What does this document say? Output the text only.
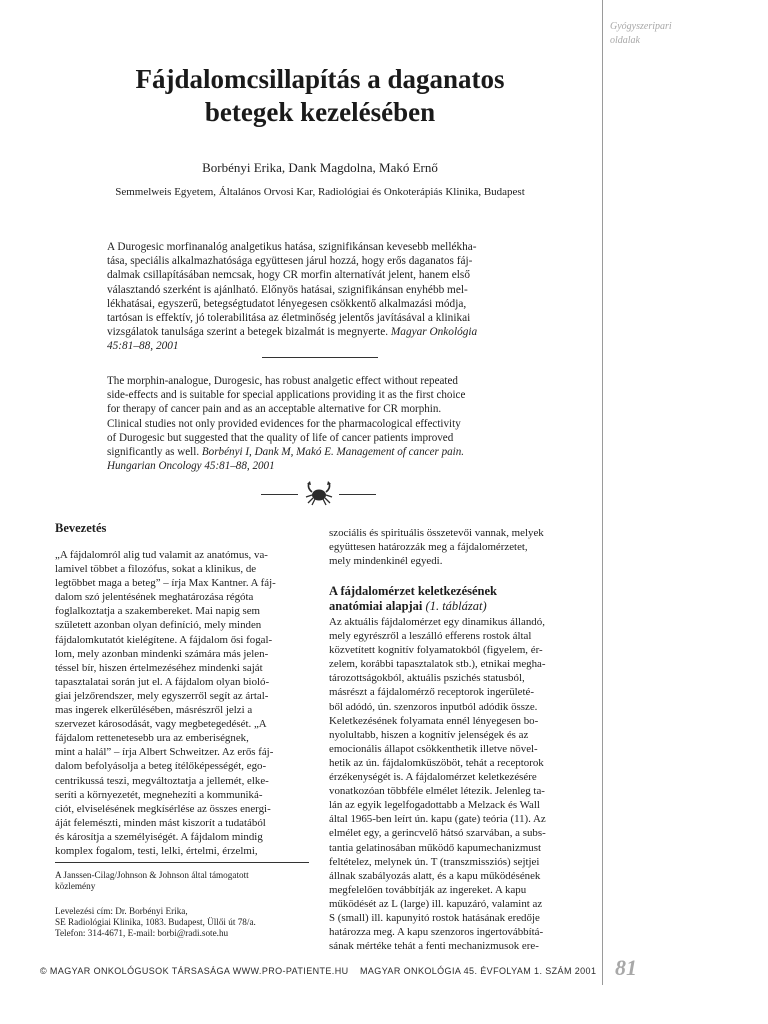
Gyógyszeripari
oldalak
Fájdalomcsillapítás a daganatos
betegek kezelésében
Borbényi Erika, Dank Magdolna, Makó Ernő
Semmelweis Egyetem, Általános Orvosi Kar, Radiológiai és Onkoterápiás Klinika, Budapest
A Durogesic morfinanalóg analgetikus hatása, szignifikánsan kevesebb mellékha-
tása, speciális alkalmazhatósága együttesen járul hozzá, hogy erős daganatos fáj-
dalmak csillapításában nemcsak, hogy CR morfin alternatívát jelent, hanem első
választandó szerként is ajánlható. Előnyös hatásai, szignifikánsan enyhébb mel-
lékhatásai, egyszerű, betegségtudatot lényegesen csökkentő alkalmazási módja,
tartósan is effektív, jó tolerabilitása az életminőség jelentős javításával a klinikai
vizsgálatok tanulsága szerint a betegek bizalmát is megnyerte. Magyar Onkológia
45:81–88, 2001
The morphin-analogue, Durogesic, has robust analgetic effect without repeated
side-effects and is suitable for special applications providing it as the first choice
for therapy of cancer pain and as an acceptable alternative for CR morphin.
Clinical studies not only provided evidences for the pharmacological effectivity
of Durogesic but suggested that the quality of life of cancer patients improved
significantly as well. Borbényi I, Dank M, Makó E. Management of cancer pain.
Hungarian Oncology 45:81–88, 2001
Bevezetés
„A fájdalomról alig tud valamit az anatómus, va-
lamivel többet a filozófus, sokat a klinikus, de
legtöbbet maga a beteg” – írja Max Kantner. A fáj-
dalom szó jelentésének meghatározása régóta
foglalkoztatja a szakembereket. Mai napig sem
született azonban olyan definíció, mely minden
fájdalomkutatót kielégítene. A fájdalom ősi fogal-
lom, mely azonban mindenki számára más jelen-
téssel bír, hiszen értelmezéséhez mindenki saját
tapasztalatai során jut el. A fájdalom olyan bioló-
giai jelzőrendszer, mely egyszerről segít az ártal-
mas ingerek elkerülésében, másrészről jelzi a
szervezet károsodását, vagy megbetegedését. „A
fájdalom rettenetesebb ura az emberiségnek,
mint a halál” – írja Albert Schweitzer. Az erős fáj-
dalom befolyásolja a beteg ítélőképességét, ego-
centrikussá teszi, megváltoztatja a jellemét, elke-
seríti a környezetét, megnehezíti a kommuniká-
ciót, elviselésének megkísérlése az összes energi-
áját felemészti, minden mást kiszorít a tudatából
és károsítja a személyiségét. A fájdalom mindig
komplex fogalom, testi, lelki, értelmi, érzelmi,
A Janssen-Cilag/Johnson & Johnson által támogatott
közlemény
Levelezési cím: Dr. Borbényi Erika,
SE Radiológiai Klinika, 1083. Budapest, Üllői út 78/a.
Telefon: 314-4671, E-mail: borbi@radi.sote.hu
szociális és spirituális összetevői vannak, melyek
együttesen határozzák meg a fájdalomérzetet,
mely mindenkinél egyedi.
A fájdalomérzet keletkezésének
anatómiai alapjai (1. táblázat)
Az aktuális fájdalomérzet egy dinamikus állandó,
mely egyrészről a leszálló efferens rostok által
közvetített kognitív folyamatokból (figyelem, ér-
zelem, korábbi tapasztalatok stb.), etnikai megha-
tározottságokból, aktuális pszichés statusból,
másrészt a fájdalomérző receptorok ingerületé-
ből adódó, ún. szenzoros inputból adódik össze.
Keletkezésének folyamata ennél lényegesen bo-
nyolultabb, hiszen a kognitív jelenségek és az
emocionális állapot csökkenthetik illetve növel-
hetik az ún. fájdalomküszöböt, tehát a receptorok
érzékenységét is. A fájdalomérzet keletkezésére
vonatkozóan többféle elmélet létezik. Jelenleg ta-
lán az egyik legelfogadottabb a Melzack és Wall
által 1965-ben leírt ún. kapu (gate) teória (11). Az
elmélet egy, a gerincvelő hátsó szarvában, a subs-
tantia gelatinosában működő kapumechanizmust
feltételez, melynek ún. T (transzmissziós) sejtjei
állnak szabályozás alatt, és a kapu működésének
megfelelően továbbítják az ingereket. A kapu
működését az L (large) ill. kapuzáró, valamint az
S (small) ill. kapunyitó rostok hatásának eredője
határozza meg. A kapu szenzoros ingertovábbítá-
sának mértéke tehát a fenti mechanizmusok ere-
© MAGYAR ONKOLÓGUSOK TÁRSASÁGA WWW.PRO-PATIENTE.HU MAGYAR ONKOLÓGIA 45. ÉVFOLYAM 1. SZÁM 2001 81
